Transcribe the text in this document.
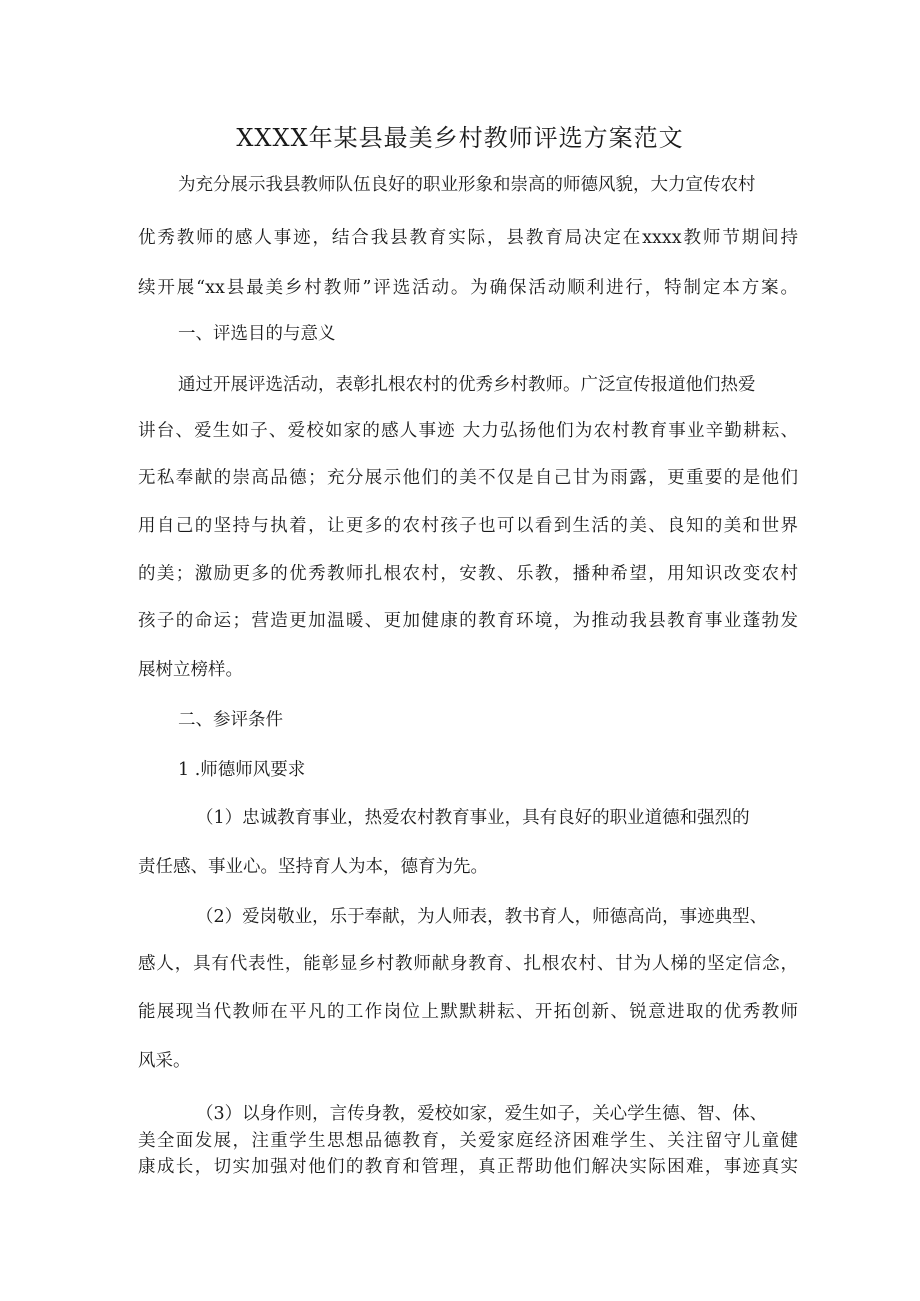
XXXX年某县最美乡村教师评选方案范文

为充分展示我县教师队伍良好的职业形象和崇高的师德风貌，大力宣传农村

优秀教师的感人事迹，结合我县教育实际，县教育局决定在xxxx教师节期间持

续开展“xx县最美乡村教师”评选活动。为确保活动顺利进行，特制定本方案。

一、评选目的与意义

通过开展评选活动，表彰扎根农村的优秀乡村教师。广泛宣传报道他们热爱

讲台、爱生如子、爱校如家的感人事迹 大力弘扬他们为农村教育事业辛勤耕耘、

无私奉献的崇高品德；充分展示他们的美不仅是自己甘为雨露，更重要的是他们

用自己的坚持与执着，让更多的农村孩子也可以看到生活的美、良知的美和世界

的美；激励更多的优秀教师扎根农村，安教、乐教，播种希望，用知识改变农村

孩子的命运；营造更加温暖、更加健康的教育环境，为推动我县教育事业蓬勃发

展树立榜样。

二、参评条件

1 .师德师风要求

（1）忠诚教育事业，热爱农村教育事业，具有良好的职业道德和强烈的

责任感、事业心。坚持育人为本，德育为先。

（2）爱岗敬业，乐于奉献，为人师表，教书育人，师德高尚，事迹典型、

感人，具有代表性，能彰显乡村教师献身教育、扎根农村、甘为人梯的坚定信念，

能展现当代教师在平凡的工作岗位上默默耕耘、开拓创新、锐意进取的优秀教师

风采。

（3）以身作则，言传身教，爱校如家，爱生如子，关心学生德、智、体、

美全面发展，注重学生思想品德教育，关爱家庭经济困难学生、关注留守儿童健

康成长，切实加强对他们的教育和管理，真正帮助他们解决实际困难，事迹真实
